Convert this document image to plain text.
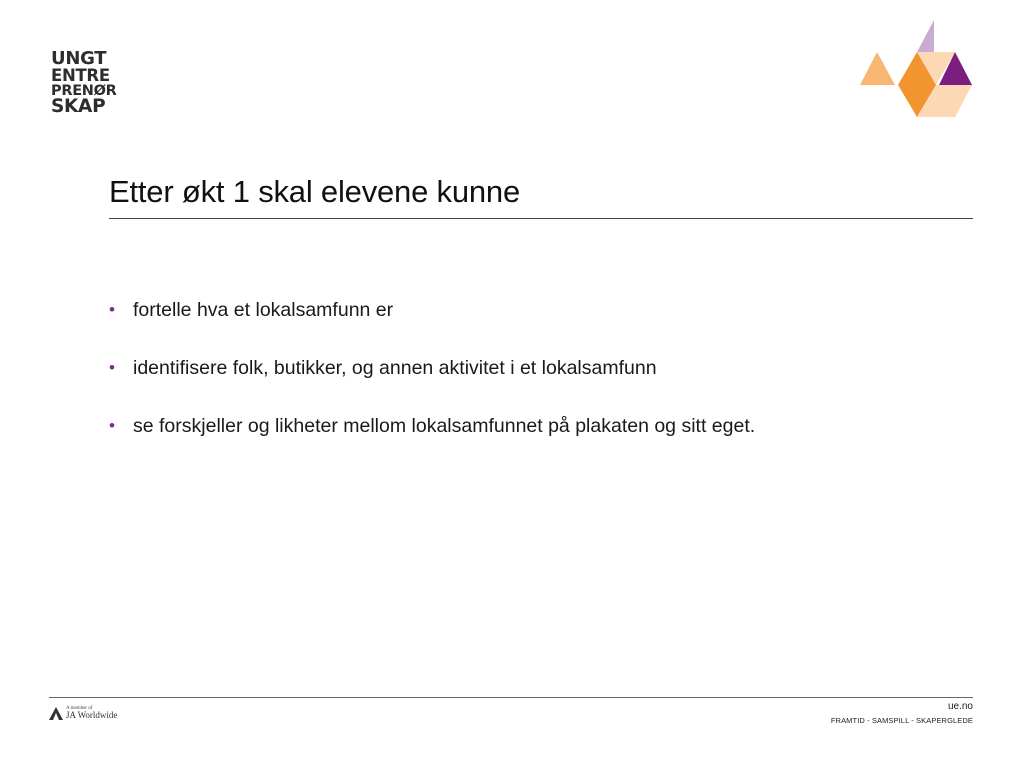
UNGT
ENTRE
PRENØR
SKAP
Etter økt 1 skal elevene kunne
• fortelle hva et lokalsamfunn er
• identifisere folk, butikker, og annen aktivitet i et lokalsamfunn
• se forskjeller og likheter mellom lokalsamfunnet på plakaten og sitt eget.
A member of
JA Worldwide
ue.no
FRAMTID - SAMSPILL - SKAPERGLEDE
